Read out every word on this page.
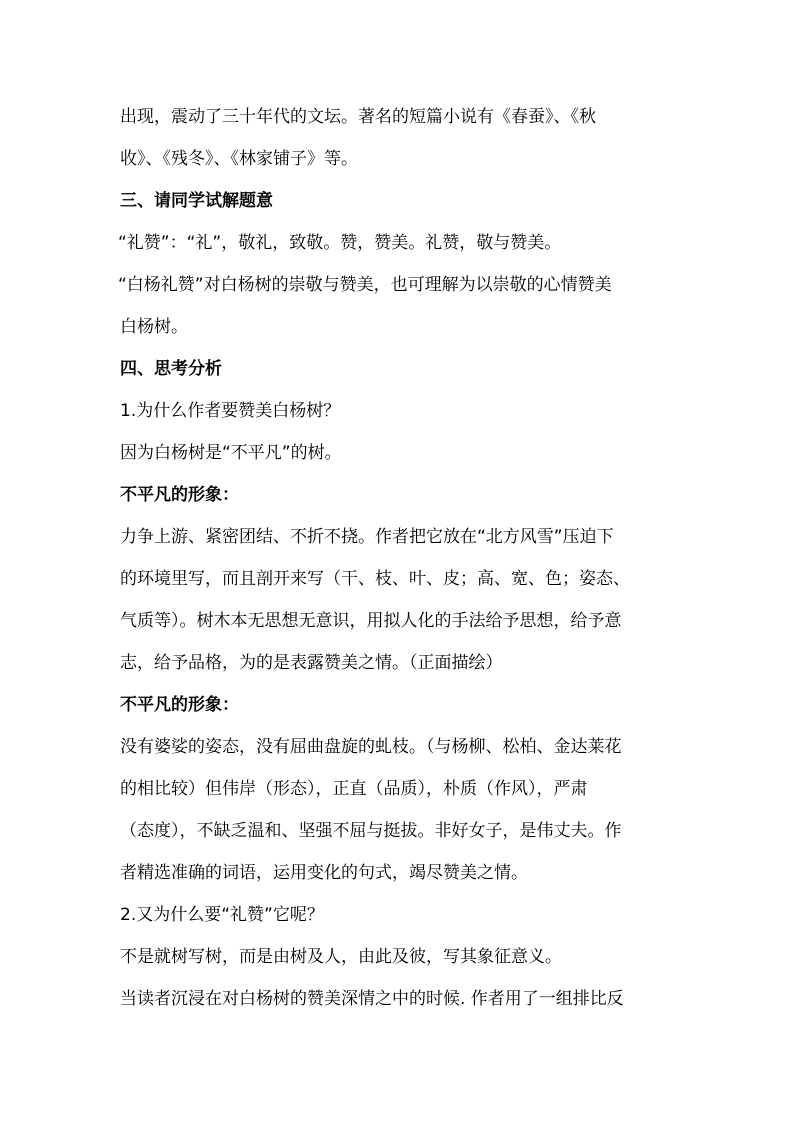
出现，震动了三十年代的文坛。著名的短篇小说有《春蚕》、《秋
收》、《残冬》、《林家铺子》等。
三、请同学试解题意
“礼赞”：“礼”，敬礼，致敬。赞，赞美。礼赞，敬与赞美。
“白杨礼赞”对白杨树的崇敬与赞美，也可理解为以崇敬的心情赞美
白杨树。
四、思考分析
1.为什么作者要赞美白杨树？
因为白杨树是“不平凡”的树。
不平凡的形象：
力争上游、紧密团结、不折不挠。作者把它放在“北方风雪”压迫下
的环境里写，而且剖开来写（干、枝、叶、皮；高、宽、色；姿态、
气质等）。树木本无思想无意识，用拟人化的手法给予思想，给予意
志，给予品格，为的是表露赞美之情。（正面描绘）
不平凡的形象：
没有婆娑的姿态，没有屈曲盘旋的虬枝。（与杨柳、松柏、金达莱花
的相比较）但伟岸（形态），正直（品质），朴质（作风），严肃
（态度），不缺乏温和、坚强不屈与挺拔。非好女子，是伟丈夫。作
者精选准确的词语，运用变化的句式，竭尽赞美之情。
2.又为什么要“礼赞”它呢？
不是就树写树，而是由树及人，由此及彼，写其象征意义。
当读者沉浸在对白杨树的赞美深情之中的时候. 作者用了一组排比反
